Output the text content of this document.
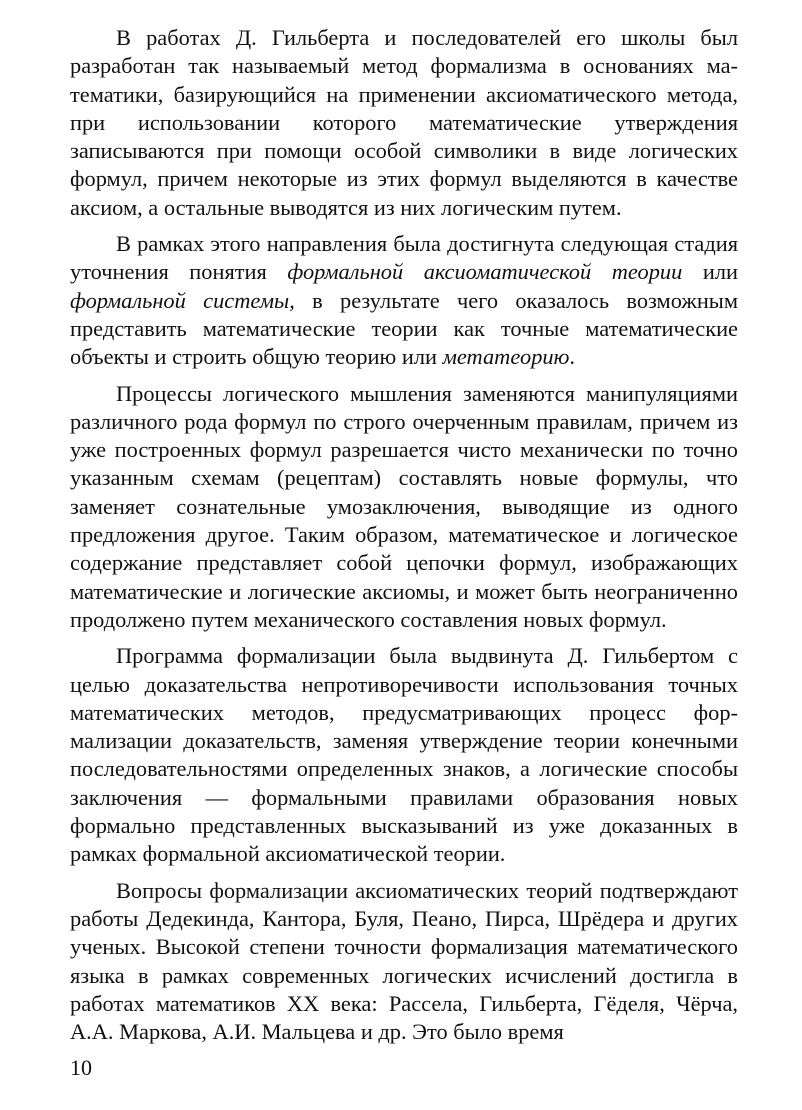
В работах Д. Гильберта и последователей его школы был разработан так называемый метод формализма в основаниях математики, базирующийся на применении аксиоматического метода, при использовании которого математические утверждения записываются при помощи особой символики в виде логических формул, причем некоторые из этих формул выделяются в качестве аксиом, а остальные выводятся из них логическим путем.

В рамках этого направления была достигнута следующая стадия уточнения понятия формальной аксиоматической теории или формальной системы, в результате чего оказалось возможным представить математические теории как точные математические объекты и строить общую теорию или метатеорию.

Процессы логического мышления заменяются манипуляциями различного рода формул по строго очерченным правилам, причем из уже построенных формул разрешается чисто механически по точно указанным схемам (рецептам) составлять новые формулы, что заменяет сознательные умозаключения, выводящие из одного предложения другое. Таким образом, математическое и логическое содержание представляет собой цепочки формул, изображающих математические и логические аксиомы, и может быть неограниченно продолжено путем механического составления новых формул.

Программа формализации была выдвинута Д. Гильбертом с целью доказательства непротиворечивости использования точных математических методов, предусматривающих процесс формализации доказательств, заменяя утверждение теории конечными последовательностями определенных знаков, а логические способы заключения — формальными правилами образования новых формально представленных высказываний из уже доказанных в рамках формальной аксиоматической теории.

Вопросы формализации аксиоматических теорий подтверждают работы Дедекинда, Кантора, Буля, Пеано, Пирса, Шрёдера и других ученых. Высокой степени точности формализация математического языка в рамках современных логических исчислений достигла в работах математиков XX века: Рассела, Гильберта, Гёделя, Чёрча, А.А. Маркова, А.И. Мальцева и др. Это было время

10
